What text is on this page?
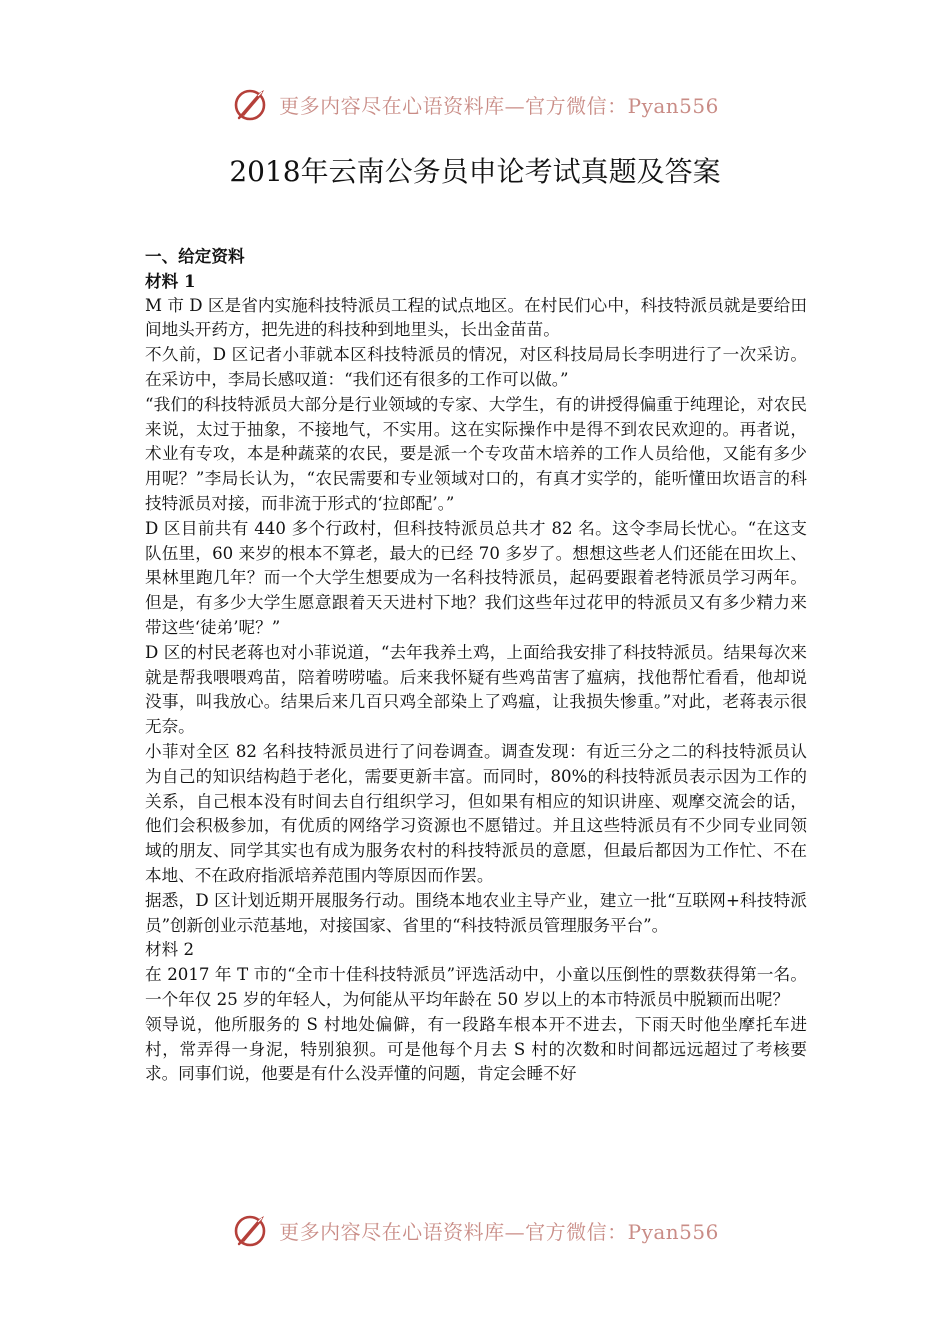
更多内容尽在心语资料库—官方微信：Pyan556
2018年云南公务员申论考试真题及答案

一、给定资料

材料 1

M 市 D 区是省内实施科技特派员工程的试点地区。在村民们心中，科技特派员就是要给田间地头开药方，把先进的科技种到地里头，长出金苗苗。

不久前，D 区记者小菲就本区科技特派员的情况，对区科技局局长李明进行了一次采访。在采访中，李局长感叹道：“我们还有很多的工作可以做。”

“我们的科技特派员大部分是行业领域的专家、大学生，有的讲授得偏重于纯理论，对农民来说，太过于抽象，不接地气，不实用。这在实际操作中是得不到农民欢迎的。再者说，术业有专攻，本是种蔬菜的农民，要是派一个专攻苗木培养的工作人员给他，又能有多少用呢？”李局长认为，“农民需要和专业领域对口的，有真才实学的，能听懂田坎语言的科技特派员对接，而非流于形式的‘拉郎配’。”

D 区目前共有 440 多个行政村，但科技特派员总共才 82 名。这令李局长忧心。“在这支队伍里，60 来岁的根本不算老，最大的已经 70 多岁了。想想这些老人们还能在田坎上、果林里跑几年？而一个大学生想要成为一名科技特派员，起码要跟着老特派员学习两年。但是，有多少大学生愿意跟着天天进村下地？我们这些年过花甲的特派员又有多少精力来带这些‘徒弟’呢？”

D 区的村民老蒋也对小菲说道，“去年我养土鸡，上面给我安排了科技特派员。结果每次来就是帮我喂喂鸡苗，陪着唠唠嗑。后来我怀疑有些鸡苗害了瘟病，找他帮忙看看，他却说没事，叫我放心。结果后来几百只鸡全部染上了鸡瘟，让我损失惨重。”对此，老蒋表示很无奈。

小菲对全区 82 名科技特派员进行了问卷调查。调查发现：有近三分之二的科技特派员认为自己的知识结构趋于老化，需要更新丰富。而同时，80%的科技特派员表示因为工作的关系，自己根本没有时间去自行组织学习，但如果有相应的知识讲座、观摩交流会的话，他们会积极参加，有优质的网络学习资源也不愿错过。并且这些特派员有不少同专业同领域的朋友、同学其实也有成为服务农村的科技特派员的意愿，但最后都因为工作忙、不在本地、不在政府指派培养范围内等原因而作罢。

据悉，D 区计划近期开展服务行动。围绕本地农业主导产业，建立一批“互联网+科技特派员”创新创业示范基地，对接国家、省里的“科技特派员管理服务平台”。

材料 2

在 2017 年 T 市的“全市十佳科技特派员”评选活动中，小童以压倒性的票数获得第一名。一个年仅 25 岁的年轻人，为何能从平均年龄在 50 岁以上的本市特派员中脱颖而出呢？

领导说，他所服务的 S 村地处偏僻，有一段路车根本开不进去，下雨天时他坐摩托车进村，常弄得一身泥，特别狼狈。可是他每个月去 S 村的次数和时间都远远超过了考核要求。同事们说，他要是有什么没弄懂的问题，肯定会睡不好

更多内容尽在心语资料库—官方微信：Pyan556
